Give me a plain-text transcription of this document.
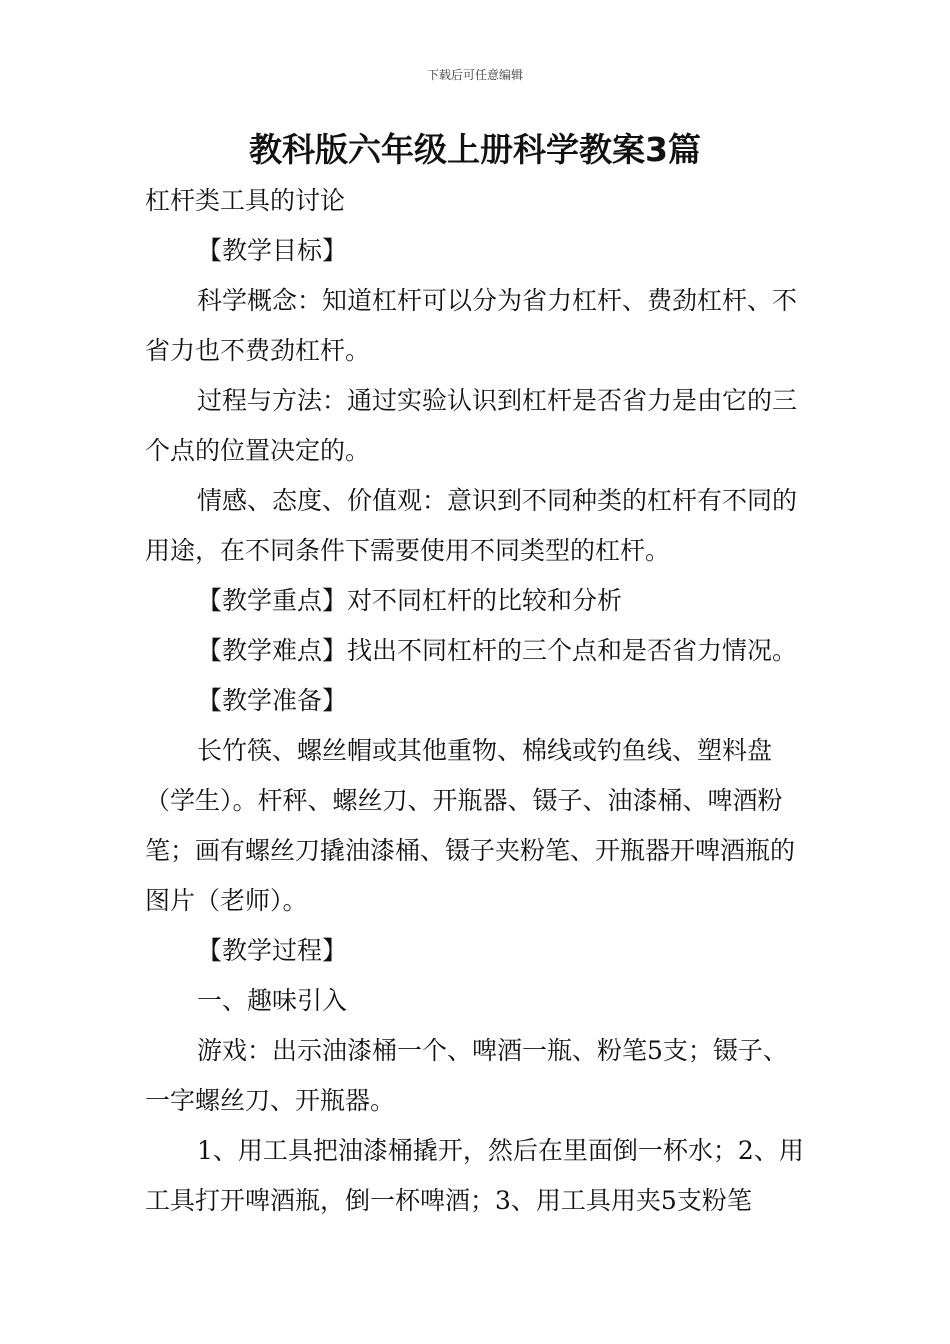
下载后可任意编辑
教科版六年级上册科学教案3篇

杠杆类工具的讨论

【教学目标】

科学概念：知道杠杆可以分为省力杠杆、费劲杠杆、不省力也不费劲杠杆。

过程与方法：通过实验认识到杠杆是否省力是由它的三个点的位置决定的。

情感、态度、价值观：意识到不同种类的杠杆有不同的用途，在不同条件下需要使用不同类型的杠杆。

【教学重点】对不同杠杆的比较和分析

【教学难点】找出不同杠杆的三个点和是否省力情况。

【教学准备】

长竹筷、螺丝帽或其他重物、棉线或钓鱼线、塑料盘（学生）。杆秤、螺丝刀、开瓶器、镊子、油漆桶、啤酒粉笔；画有螺丝刀撬油漆桶、镊子夹粉笔、开瓶器开啤酒瓶的图片（老师）。

【教学过程】

一、趣味引入

游戏：出示油漆桶一个、啤酒一瓶、粉笔5支；镊子、一字螺丝刀、开瓶器。

1、用工具把油漆桶撬开，然后在里面倒一杯水；2、用工具打开啤酒瓶，倒一杯啤酒；3、用工具用夹5支粉笔
